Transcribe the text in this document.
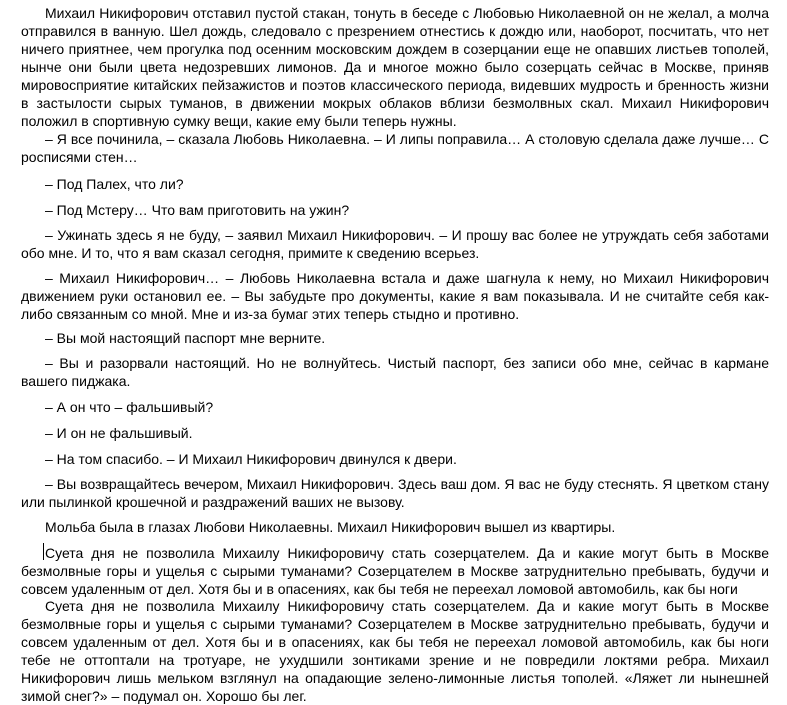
Михаил Никифорович отставил пустой стакан, тонуть в беседе с Любовью Николаевной он не желал, а молча отправился в ванную. Шел дождь, следовало с презрением отнестись к дождю или, наоборот, посчитать, что нет ничего приятнее, чем прогулка под осенним московским дождем в созерцании еще не опавших листьев тополей, нынче они были цвета недозревших лимонов. Да и многое можно было созерцать сейчас в Москве, приняв мировосприятие китайских пейзажистов и поэтов классического периода, видевших мудрость и бренность жизни в застылости сырых туманов, в движении мокрых облаков вблизи безмолвных скал. Михаил Никифорович положил в спортивную сумку вещи, какие ему были теперь нужны.

– Я все починила, – сказала Любовь Николаевна. – И липы поправила… А столовую сделала даже лучше… С росписями стен…

– Под Палех, что ли?

– Под Мстеру… Что вам приготовить на ужин?

– Ужинать здесь я не буду, – заявил Михаил Никифорович. – И прошу вас более не утруждать себя заботами обо мне. И то, что я вам сказал сегодня, примите к сведению всерьез.

– Михаил Никифорович… – Любовь Николаевна встала и даже шагнула к нему, но Михаил Никифорович движением руки остановил ее. – Вы забудьте про документы, какие я вам показывала. И не считайте себя как-либо связанным со мной. Мне и из-за бумаг этих теперь стыдно и противно.

– Вы мой настоящий паспорт мне верните.

– Вы и разорвали настоящий. Но не волнуйтесь. Чистый паспорт, без записи обо мне, сейчас в кармане вашего пиджака.

– А он что – фальшивый?

– И он не фальшивый.

– На том спасибо. – И Михаил Никифорович двинулся к двери.

– Вы возвращайтесь вечером, Михаил Никифорович. Здесь ваш дом. Я вас не буду стеснять. Я цветком стану или пылинкой крошечной и раздражений ваших не вызову.

Мольба была в глазах Любови Николаевны. Михаил Никифорович вышел из квартиры.

Суета дня не позволила Михаилу Никифоровичу стать созерцателем. Да и какие могут быть в Москве безмолвные горы и ущелья с сырыми туманами? Созерцателем в Москве затруднительно пребывать, будучи и совсем удаленным от дел. Хотя бы и в опасениях, как бы тебя не переехал ломовой автомобиль, как бы ноги

Суета дня не позволила Михаилу Никифоровичу стать созерцателем. Да и какие могут быть в Москве безмолвные горы и ущелья с сырыми туманами? Созерцателем в Москве затруднительно пребывать, будучи и совсем удаленным от дел. Хотя бы и в опасениях, как бы тебя не переехал ломовой автомобиль, как бы ноги тебе не оттоптали на тротуаре, не ухудшили зонтиками зрение и не повредили локтями ребра. Михаил Никифорович лишь мельком взглянул на опадающие зелено-лимонные листья тополей. «Ляжет ли нынешней зимой снег?» – подумал он. Хорошо бы лег.
